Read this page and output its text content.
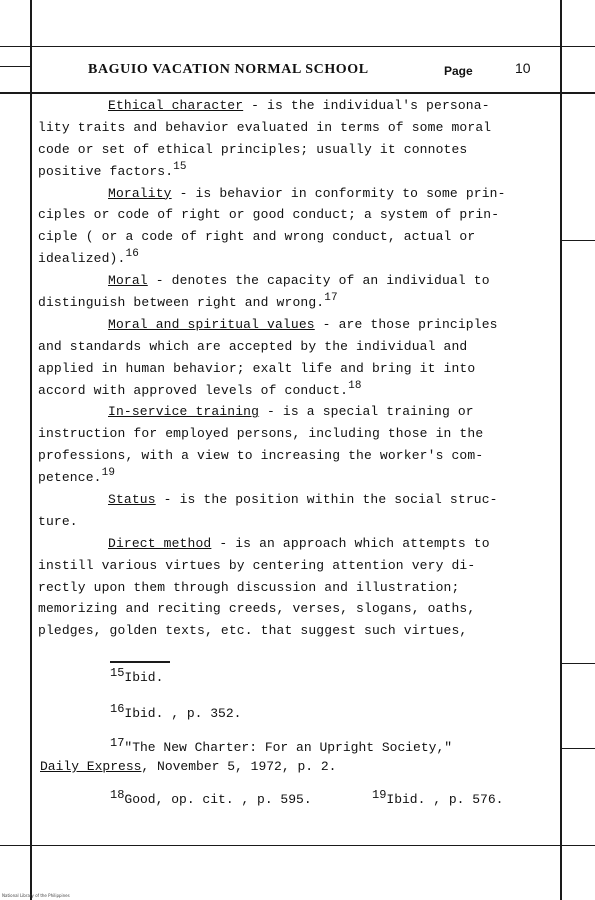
BAGUIO VACATION NORMAL SCHOOL	Page	10
Ethical character - is the individual's persona-
lity traits and behavior evaluated in terms of some moral
code or set of ethical principles; usually it connotes
positive factors.$^{15}$
Morality - is behavior in conformity to some prin-
ciples or code of right or good conduct; a system of prin-
ciple ( or a code of right and wrong conduct, actual or
idealized).$^{16}$
Moral - denotes the capacity of an individual to
distinguish between right and wrong.$^{17}$
Moral and spiritual values - are those principles
and standards which are accepted by the individual and
applied in human behavior; exalt life and bring it into
accord with approved levels of conduct.$^{18}$
In-service training - is a special training or
instruction for employed persons, including those in the
professions, with a view to increasing the worker's com-
petence.$^{19}$
Status - is the position within the social struc-
ture.
Direct method - is an approach which attempts to
instill various virtues by centering attention very di-
rectly upon them through discussion and illustration;
memorizing and reciting creeds, verses, slogans, oaths,
pledges, golden texts, etc. that suggest such virtues,
$^{15}$Ibid.
$^{16}$Ibid. , p. 352.
$^{17}$"The New Charter: For an Upright Society,"
Daily Express, November 5, 1972, p. 2.
$^{18}$Good, op. cit. , p. 595.	$^{19}$Ibid. , p. 576.
National Library of the Philippines
